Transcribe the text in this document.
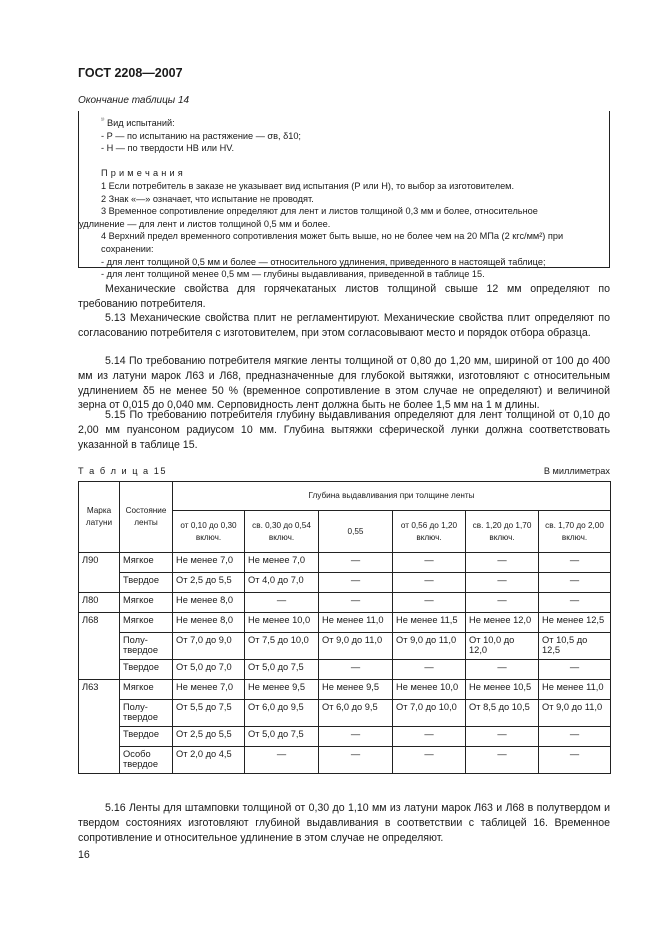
ГОСТ 2208—2007
Окончание таблицы 14
$^{^{1)}}$ Вид испытаний:
- Р — по испытанию на растяжение — σв, δ10;
- Н — по твердости HB или HV.
П р и м е ч а н и я
1 Если потребитель в заказе не указывает вид испытания (Р или Н), то выбор за изготовителем.
2 Знак «—» означает, что испытание не проводят.
3 Временное сопротивление определяют для лент и листов толщиной 0,3 мм и более, относительное
удлинение — для лент и листов толщиной 0,5 мм и более.
4 Верхний предел временного сопротивления может быть выше, но не более чем на 20 МПа (2 кгс/мм²) при
сохранении:
- для лент толщиной 0,5 мм и более — относительного удлинения, приведенного в настоящей таблице;
- для лент толщиной менее 0,5 мм — глубины выдавливания, приведенной в таблице 15.

Механические свойства для горячекатаных листов толщиной свыше 12 мм определяют по требованию потребителя.

5.13 Механические свойства плит не регламентируют. Механические свойства плит определяют по согласованию потребителя с изготовителем, при этом согласовывают место и порядок отбора образца.

5.14 По требованию потребителя мягкие ленты толщиной от 0,80 до 1,20 мм, шириной от 100 до 400 мм из латуни марок Л63 и Л68, предназначенные для глубокой вытяжки, изготовляют с относительным удлинением δ5 не менее 50 % (временное сопротивление в этом случае не определяют) и величиной зерна от 0,015 до 0,040 мм. Серповидность лент должна быть не более 1,5 мм на 1 м длины.

5.15 По требованию потребителя глубину выдавливания определяют для лент толщиной от 0,10 до 2,00 мм пуансоном радиусом 10 мм. Глубина вытяжки сферической лунки должна соответствовать указанной в таблице 15.

Т а б л и ц а 15	В миллиметрах
Марка латуни	Состояние ленты	Глубина выдавливания при толщине ленты					
		от 0,10 до 0,30 включ.	св. 0,30 до 0,54 включ.	0,55	от 0,56 до 1,20 включ.	св. 1,20 до 1,70 включ.	св. 1,70 до 2,00 включ.
Л90	Мягкое	Не менее 7,0	Не менее 7,0	—	—	—	—
	Твердое	От 2,5 до 5,5	От 4,0 до 7,0	—	—	—	—
Л80	Мягкое	Не менее 8,0	—	—	—	—	—
Л68	Мягкое	Не менее 8,0	Не менее 10,0	Не менее 11,0	Не менее 11,5	Не менее 12,0	Не менее 12,5
	Полу-твердое	От 7,0 до 9,0	От 7,5 до 10,0	От 9,0 до 11,0	От 9,0 до 11,0	От 10,0 до 12,0	От 10,5 до 12,5
	Твердое	От 5,0 до 7,0	От 5,0 до 7,5	—	—	—	—
Л63	Мягкое	Не менее 7,0	Не менее 9,5	Не менее 9,5	Не менее 10,0	Не менее 10,5	Не менее 11,0
	Полу-твердое	От 5,5 до 7,5	От 6,0 до 9,5	От 6,0 до 9,5	От 7,0 до 10,0	От 8,5 до 10,5	От 9,0 до 11,0
	Твердое	От 2,5 до 5,5	От 5,0 до 7,5	—	—	—	—
	Особо твердое	От 2,0 до 4,5	—	—	—	—	—

5.16 Ленты для штамповки толщиной от 0,30 до 1,10 мм из латуни марок Л63 и Л68 в полутвердом и твердом состояниях изготовляют глубиной выдавливания в соответствии с таблицей 16. Временное сопротивление и относительное удлинение в этом случае не определяют.

16
